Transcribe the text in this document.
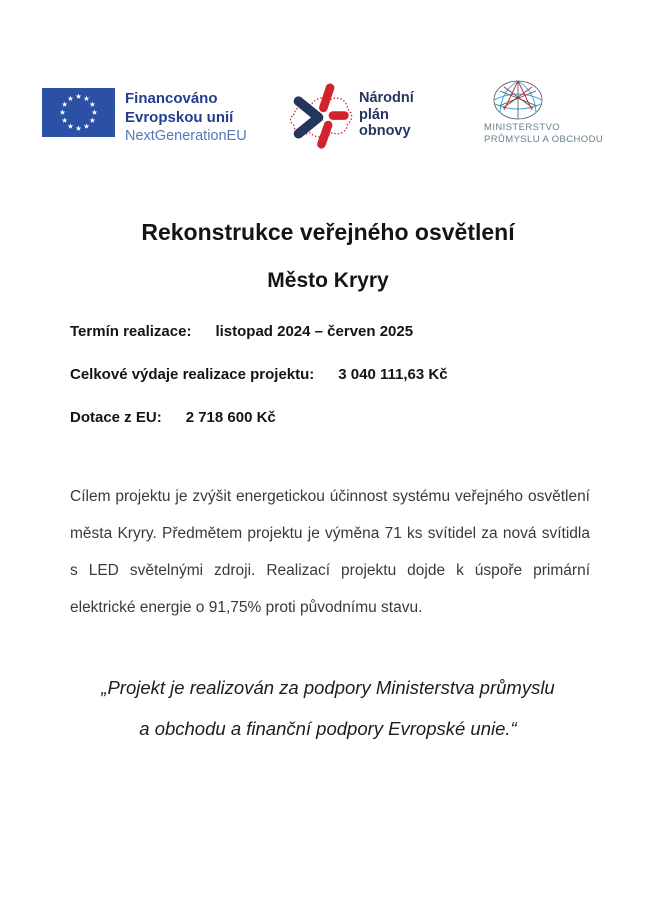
Financováno
Evropskou unií
NextGenerationEU
Národní
plán
obnovy	MINISTERSTVO
PRŮMYSLU A OBCHODU
Rekonstrukce veřejného osvětlení
Město Kryry
Termín realizace: listopad 2024 – červen 2025
Celkové výdaje realizace projektu: 3 040 111,63 Kč
Dotace z EU: 2 718 600 Kč

Cílem projektu je zvýšit energetickou účinnost systému veřejného osvětlení města Kryry. Předmětem projektu je výměna 71 ks svítidel za nová svítidla s LED světelnými zdroji. Realizací projektu dojde k úspoře primární elektrické energie o 91,75% proti původnímu stavu.

„Projekt je realizován za podpory Ministerstva průmyslu
a obchodu a finanční podpory Evropské unie.“
